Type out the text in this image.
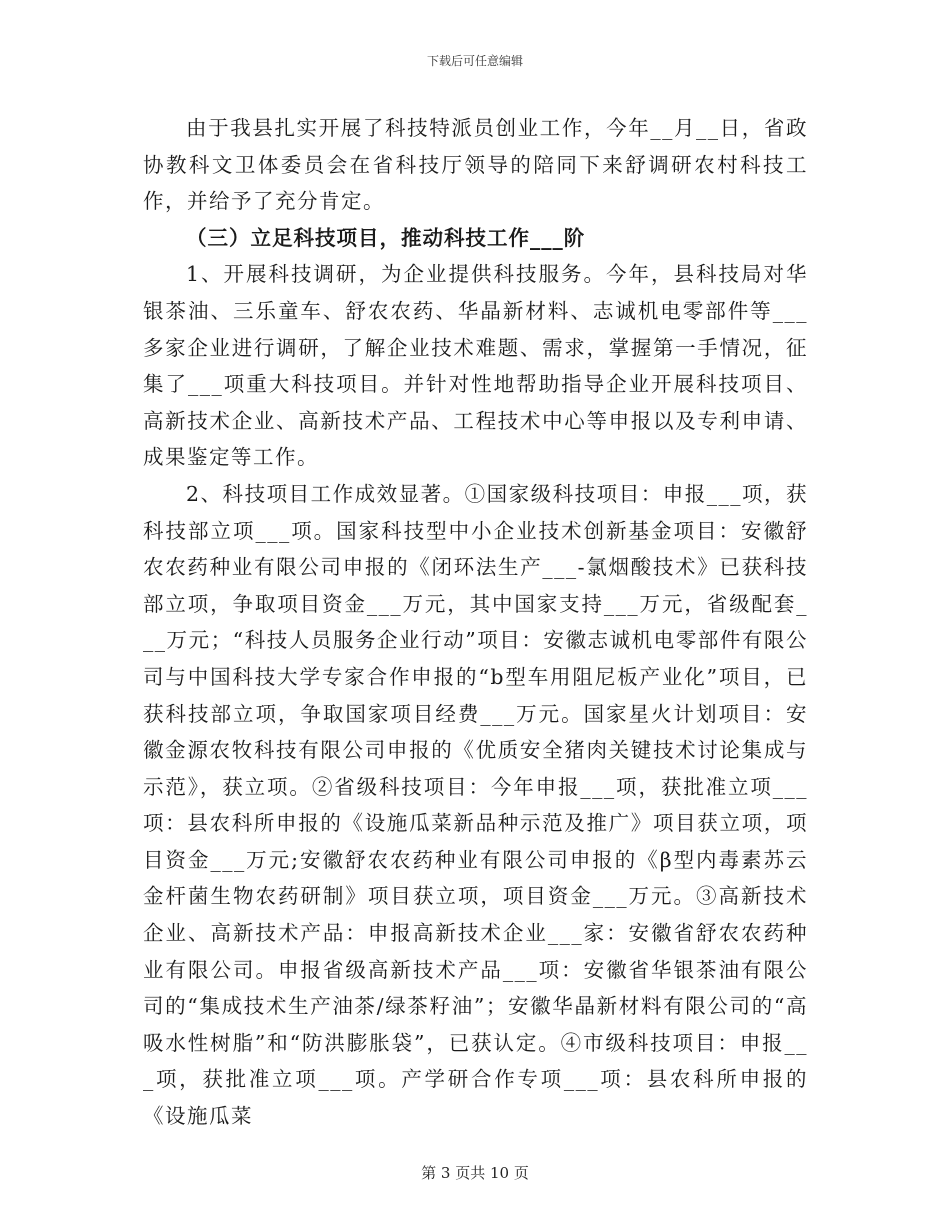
下载后可任意编辑

由于我县扎实开展了科技特派员创业工作，今年__月__日，省政协教科文卫体委员会在省科技厅领导的陪同下来舒调研农村科技工作，并给予了充分肯定。

（三）立足科技项目，推动科技工作___阶

1、开展科技调研，为企业提供科技服务。今年，县科技局对华银茶油、三乐童车、舒农农药、华晶新材料、志诚机电零部件等___多家企业进行调研，了解企业技术难题、需求，掌握第一手情况，征集了___项重大科技项目。并针对性地帮助指导企业开展科技项目、高新技术企业、高新技术产品、工程技术中心等申报以及专利申请、成果鉴定等工作。

2、科技项目工作成效显著。①国家级科技项目：申报___项，获科技部立项___项。国家科技型中小企业技术创新基金项目：安徽舒农农药种业有限公司申报的《闭环法生产___-氯烟酸技术》已获科技部立项，争取项目资金___万元，其中国家支持___万元，省级配套___万元；“科技人员服务企业行动”项目：安徽志诚机电零部件有限公司与中国科技大学专家合作申报的“b型车用阻尼板产业化”项目，已获科技部立项，争取国家项目经费___万元。国家星火计划项目：安徽金源农牧科技有限公司申报的《优质安全猪肉关键技术讨论集成与示范》，获立项。②省级科技项目：今年申报___项，获批准立项___项：县农科所申报的《设施瓜菜新品种示范及推广》项目获立项，项目资金___万元;安徽舒农农药种业有限公司申报的《β型内毒素苏云金杆菌生物农药研制》项目获立项，项目资金___万元。③高新技术企业、高新技术产品：申报高新技术企业___家：安徽省舒农农药种业有限公司。申报省级高新技术产品___项：安徽省华银茶油有限公司的“集成技术生产油茶/绿茶籽油”；安徽华晶新材料有限公司的“高吸水性树脂”和“防洪膨胀袋”，已获认定。④市级科技项目：申报___项，获批准立项___项。产学研合作专项___项：县农科所申报的《设施瓜菜

第 3 页共 10 页
